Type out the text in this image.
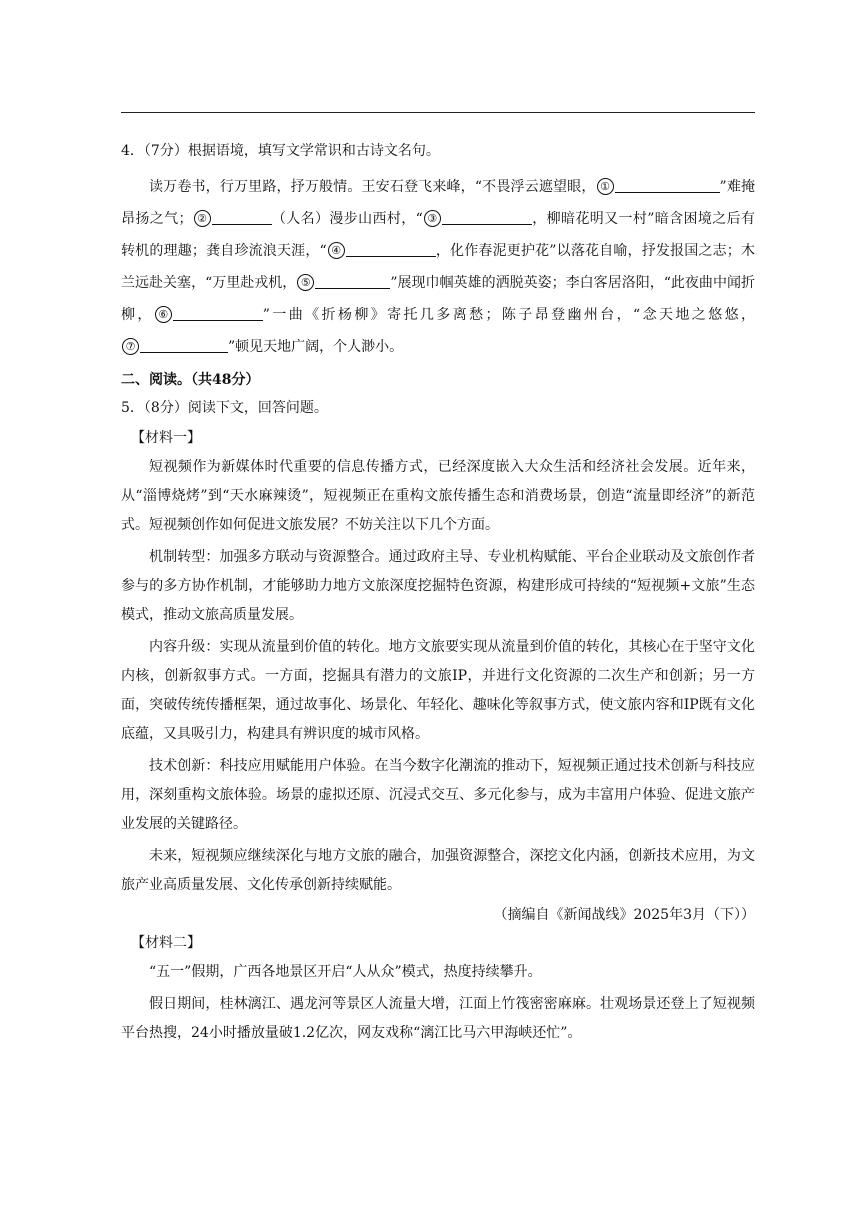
4．（7分）根据语境，填写文学常识和古诗文名句。

读万卷书，行万里路，抒万般情。王安石登飞来峰，“不畏浮云遮望眼， ①	”难掩昂扬之气； ②	（人名）漫步山西村，“ ③	，柳暗花明又一村”暗含困境之后有转机的理趣；龚自珍流浪天涯，“ ④	，化作春泥更护花”以落花自喻，抒发报国之志；木兰远赴关塞，“万里赴戎机， ⑤	”展现巾帼英雄的洒脱英姿；李白客居洛阳，“此夜曲中闻折柳， ⑥	”一曲《折杨柳》寄托几多离愁；陈子昂登幽州台，“念天地之悠悠，⑦	”顿见天地广阔，个人渺小。

二、阅读。（共48分）

5．（8分）阅读下文，回答问题。

【材料一】

短视频作为新媒体时代重要的信息传播方式，已经深度嵌入大众生活和经济社会发展。近年来，从“淄博烧烤”到“天水麻辣烫”，短视频正在重构文旅传播生态和消费场景，创造“流量即经济”的新范式。短视频创作如何促进文旅发展？不妨关注以下几个方面。

机制转型：加强多方联动与资源整合。通过政府主导、专业机构赋能、平台企业联动及文旅创作者参与的多方协作机制，才能够助力地方文旅深度挖掘特色资源，构建形成可持续的“短视频+文旅”生态模式，推动文旅高质量发展。

内容升级：实现从流量到价值的转化。地方文旅要实现从流量到价值的转化，其核心在于坚守文化内核，创新叙事方式。一方面，挖掘具有潜力的文旅IP，并进行文化资源的二次生产和创新；另一方面，突破传统传播框架，通过故事化、场景化、年轻化、趣味化等叙事方式，使文旅内容和IP既有文化底蕴，又具吸引力，构建具有辨识度的城市风格。

技术创新：科技应用赋能用户体验。在当今数字化潮流的推动下，短视频正通过技术创新与科技应用，深刻重构文旅体验。场景的虚拟还原、沉浸式交互、多元化参与，成为丰富用户体验、促进文旅产业发展的关键路径。

未来，短视频应继续深化与地方文旅的融合，加强资源整合，深挖文化内涵，创新技术应用，为文旅产业高质量发展、文化传承创新持续赋能。

（摘编自《新闻战线》2025年3月（下））

【材料二】

“五一”假期，广西各地景区开启“人从众”模式，热度持续攀升。

假日期间，桂林漓江、遇龙河等景区人流量大增，江面上竹筏密密麻麻。壮观场景还登上了短视频平台热搜，24小时播放量破1.2亿次，网友戏称“漓江比马六甲海峡还忙”。
